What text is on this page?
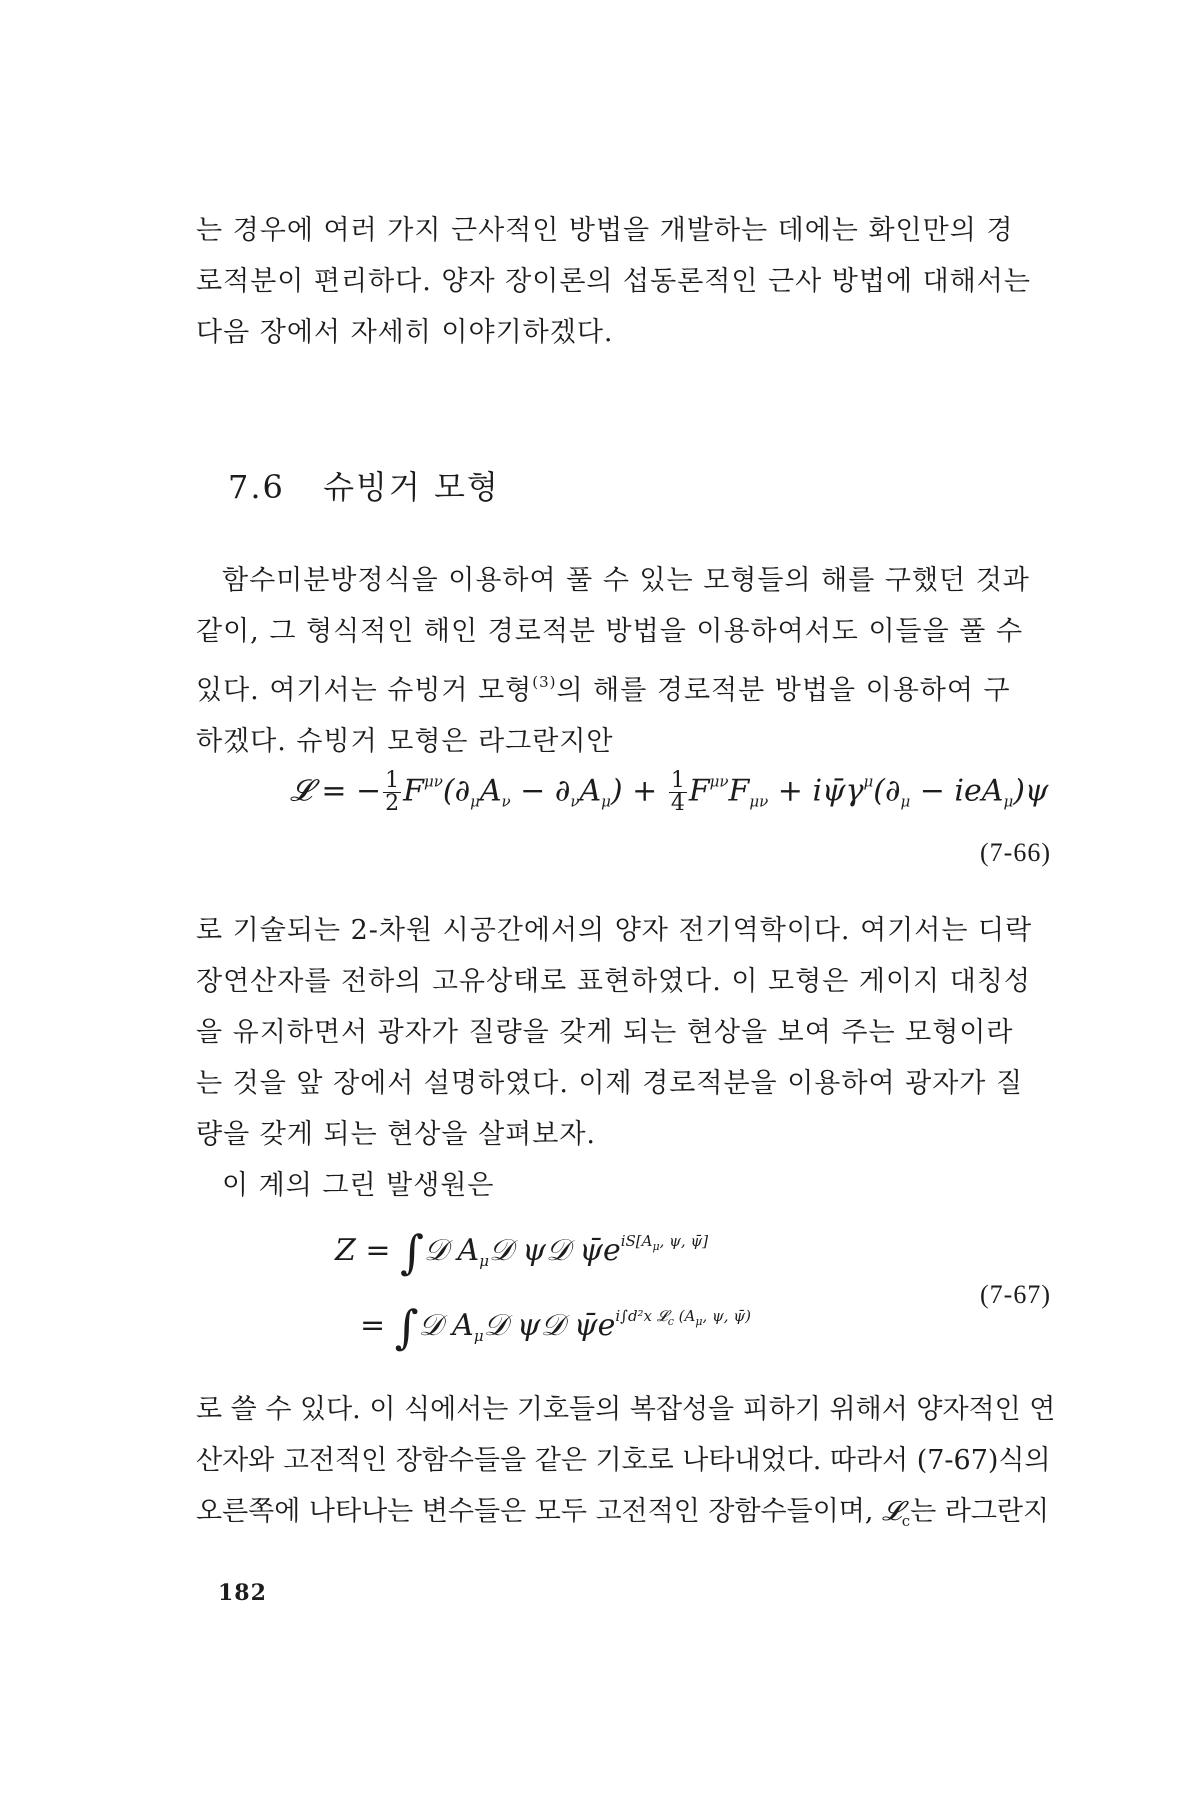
는 경우에 여러 가지 근사적인 방법을 개발하는 데에는 화인만의 경
로적분이 편리하다. 양자 장이론의 섭동론적인 근사 방법에 대해서는
다음 장에서 자세히 이야기하겠다.
7.6 슈빙거 모형
함수미분방정식을 이용하여 풀 수 있는 모형들의 해를 구했던 것과
같이, 그 형식적인 해인 경로적분 방법을 이용하여서도 이들을 풀 수
있다. 여기서는 슈빙거 모형$^{(3)}$의 해를 경로적분 방법을 이용하여 구
하겠다. 슈빙거 모형은 라그란지안
𝓛 = − $\frac{1}{2} F^{\mu\nu}(\partial_\mu A_\nu - \partial_\nu A_\mu) + \frac{1}{4} F^{\mu\nu}F_{\mu\nu}$ + $i\psī\gamma^\mu(\partial_\mu - ieA_\mu)\psi$
(7-66)
로 기술되는 2-차원 시공간에서의 양자 전기역학이다. 여기서는 디락
장연산자를 전하의 고유상태로 표현하였다. 이 모형은 게이지 대칭성
을 유지하면서 광자가 질량을 갖게 되는 현상을 보여 주는 모형이라
는 것을 앞 장에서 설명하였다. 이제 경로적분을 이용하여 광자가 질
량을 갖게 되는 현상을 살펴보자.
이 계의 그린 발생원은
Z = ∫𝒟 $A_\mu 𝒟$ ψ𝒟 $\psīe^{iS[A\mu, \psi, \psī]}$
= ∫𝒟 $A_\mu 𝒟$ ψ𝒟 $\psīe^{i\int d^2x 𝓛c}$ $^{(A\mu, \psi, \psī)}$
(7-67)
로 쓸 수 있다. 이 식에서는 기호들의 복잡성을 피하기 위해서 양자적인 연
산자와 고전적인 장함수들을 같은 기호로 나타내었다. 따라서 (7-67)식의
오른쪽에 나타나는 변수들은 모두 고전적인 장함수들이며, 𝓛$_c$는 라그란지
182
